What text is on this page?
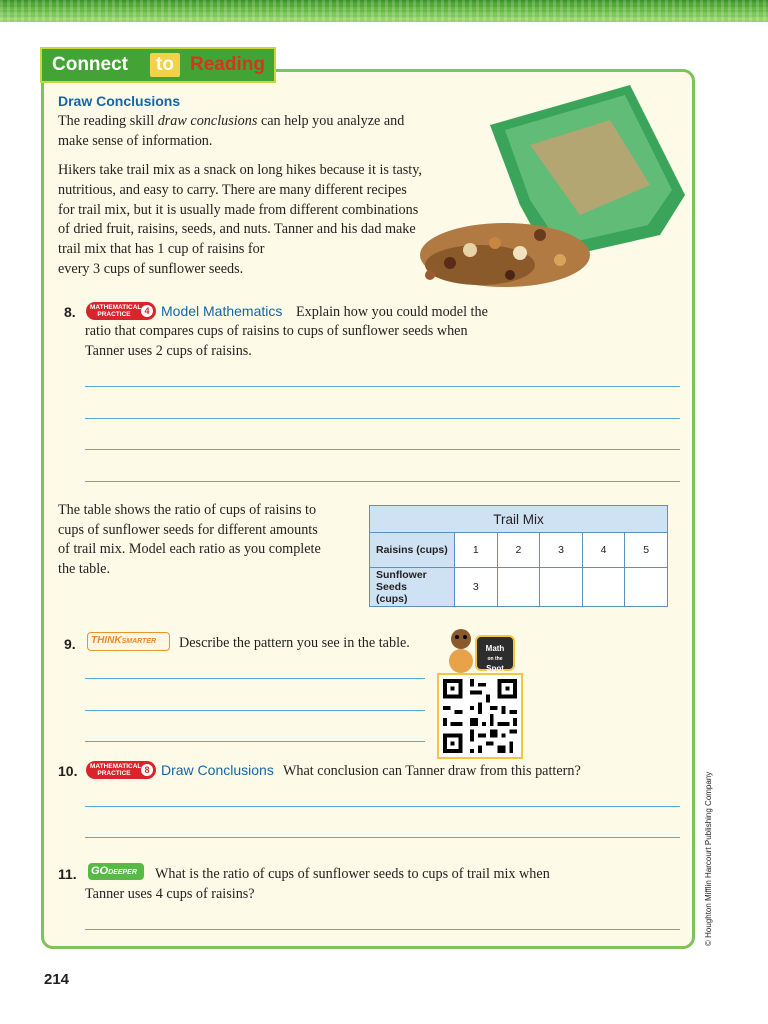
Connect	to Reading
Draw Conclusions
The reading skill draw conclusions can help you analyze and
make sense of information.
Hikers take trail mix as a snack on long hikes because it is tasty,
nutritious, and easy to carry. There are many different recipes
for trail mix, but it is usually made from different combinations
of dried fruit, raisins, seeds, and nuts. Tanner and his dad make
trail mix that has 1 cup of raisins for
every 3 cups of sunflower seeds.
8.	MATHEMATICAL
PRACTICE	4 Model Mathematics Explain how you could model the
ratio that compares cups of raisins to cups of sunflower seeds when
Tanner uses 2 cups of raisins.
The table shows the ratio of cups of raisins to
cups of sunflower seeds for different amounts
of trail mix. Model each ratio as you complete
the table.
Trail Mix					
Raisins (cups)	1	2	3	4	5
Sunflower Seeds
(cups)	3				
9.	THINKSMARTER	Describe the pattern you see in the table.	Math
on the
Spot
10.	MATHEMATICAL
PRACTICE	8 Draw Conclusions What conclusion can Tanner draw from this pattern?
11. GODEEPER	What is the ratio of cups of sunflower seeds to cups of trail mix when
Tanner uses 4 cups of raisins?	© Houghton Mifflin Harcourt Publishing Company
214
